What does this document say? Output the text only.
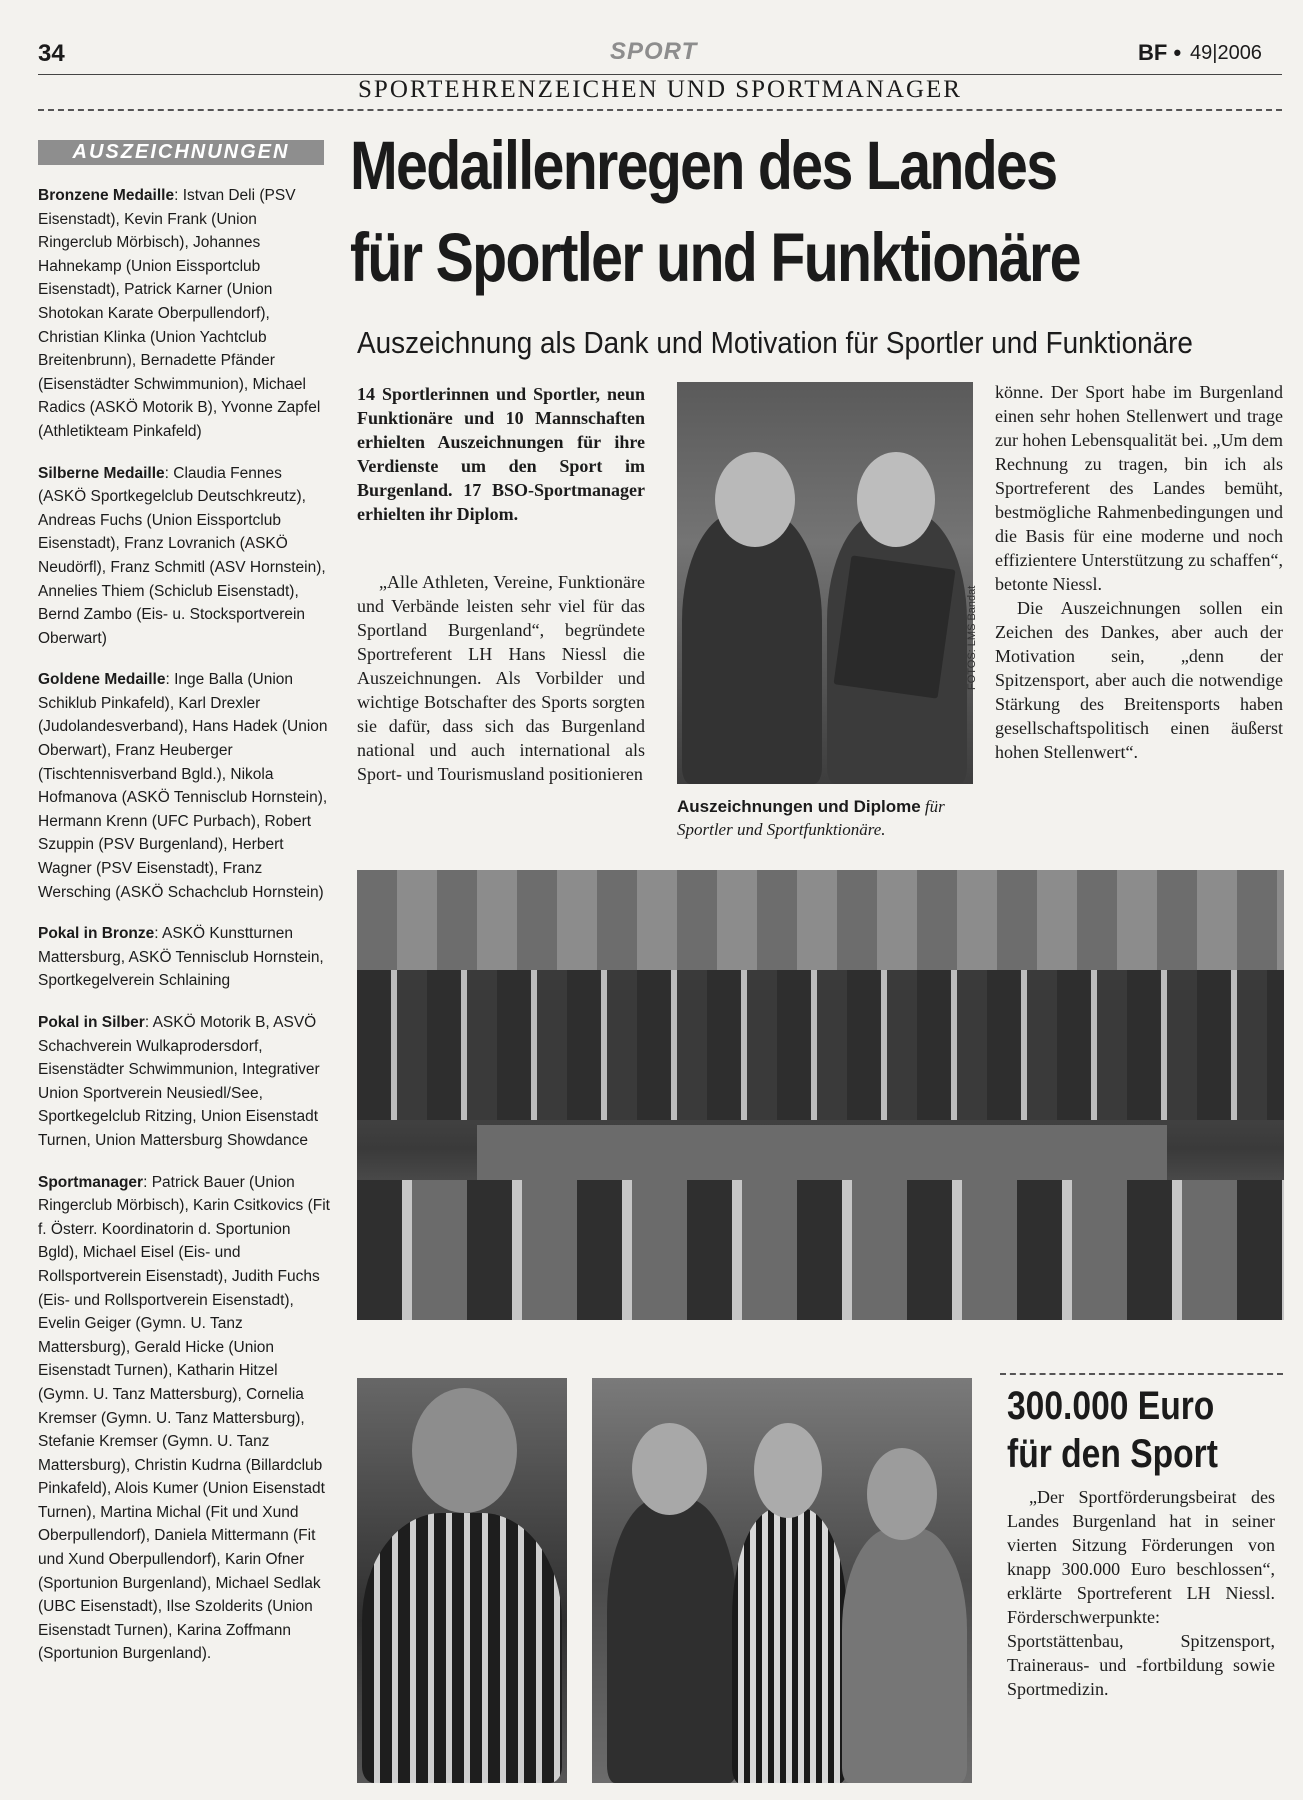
34	SPORT	BF • 49|2006
SPORTEHRENZEICHEN UND SPORTMANAGER
AUSZEICHNUNGEN

Bronzene Medaille: Istvan Deli (PSV Eisenstadt), Kevin Frank (Union Ringerclub Mörbisch), Johannes Hahnekamp (Union Eissportclub Eisenstadt), Patrick Karner (Union Shotokan Karate Oberpullendorf), Christian Klinka (Union Yachtclub Breitenbrunn), Bernadette Pfänder (Eisenstädter Schwimmunion), Michael Radics (ASKÖ Motorik B), Yvonne Zapfel (Athletikteam Pinkafeld)

Silberne Medaille: Claudia Fennes (ASKÖ Sportkegelclub Deutschkreutz), Andreas Fuchs (Union Eissportclub Eisenstadt), Franz Lovranich (ASKÖ Neudörfl), Franz Schmitl (ASV Hornstein), Annelies Thiem (Schiclub Eisenstadt), Bernd Zambo (Eis- u. Stocksportverein Oberwart)

Goldene Medaille: Inge Balla (Union Schiklub Pinkafeld), Karl Drexler (Judolandesverband), Hans Hadek (Union Oberwart), Franz Heuberger (Tischtennisverband Bgld.), Nikola Hofmanova (ASKÖ Tennisclub Hornstein), Hermann Krenn (UFC Purbach), Robert Szuppin (PSV Burgenland), Herbert Wagner (PSV Eisenstadt), Franz Wersching (ASKÖ Schachclub Hornstein)

Pokal in Bronze: ASKÖ Kunstturnen Mattersburg, ASKÖ Tennisclub Hornstein, Sportkegelverein Schlaining

Pokal in Silber: ASKÖ Motorik B, ASVÖ Schachverein Wulkaprodersdorf, Eisenstädter Schwimmunion, Integrativer Union Sportverein Neusiedl/See, Sportkegelclub Ritzing, Union Eisenstadt Turnen, Union Mattersburg Showdance

Sportmanager: Patrick Bauer (Union Ringerclub Mörbisch), Karin Csitkovics (Fit f. Österr. Koordinatorin d. Sportunion Bgld), Michael Eisel (Eis- und Rollsportverein Eisenstadt), Judith Fuchs (Eis- und Rollsportverein Eisenstadt), Evelin Geiger (Gymn. U. Tanz Mattersburg), Gerald Hicke (Union Eisenstadt Turnen), Katharin Hitzel (Gymn. U. Tanz Mattersburg), Cornelia Kremser (Gymn. U. Tanz Mattersburg), Stefanie Kremser (Gymn. U. Tanz Mattersburg), Christin Kudrna (Billardclub Pinkafeld), Alois Kumer (Union Eisenstadt Turnen), Martina Michal (Fit und Xund Oberpullendorf), Daniela Mittermann (Fit und Xund Oberpullendorf), Karin Ofner (Sportunion Burgenland), Michael Sedlak (UBC Eisenstadt), Ilse Szolderits (Union Eisenstadt Turnen), Karina Zoffmann (Sportunion Burgenland).

Medaillenregen des Landes
für Sportler und Funktionäre
Auszeichnung als Dank und Motivation für Sportler und Funktionäre
14 Sportlerinnen und Sportler, neun Funktionäre und 10 Mannschaften erhielten Auszeichnungen für ihre Verdienste um den Sport im Burgenland. 17 BSO-Sportmanager erhielten ihr Diplom.

„Alle Athleten, Vereine, Funktionäre und Verbände leisten sehr viel für das Sportland Burgenland“, begründete Sportreferent LH Hans Niessl die Auszeichnungen. Als Vorbilder und wichtige Botschafter des Sports sorgten sie dafür, dass sich das Burgenland national und auch international als Sport- und Tourismusland positionieren

könne. Der Sport habe im Burgenland einen sehr hohen Stellenwert und trage zur hohen Lebensqualität bei. „Um dem Rechnung zu tragen, bin ich als Sportreferent des Landes bemüht, bestmögliche Rahmenbedingungen und die Basis für eine moderne und noch effizientere Unterstützung zu schaffen“, betonte Niessl.

Die Auszeichnungen sollen ein Zeichen des Dankes, aber auch der Motivation sein, „denn der Spitzensport, aber auch die notwendige Stärkung des Breitensports haben gesellschaftspolitisch einen äußerst hohen Stellenwert“.

FOTOS: LMS Bandat
Auszeichnungen und Diplome für Sportler und Sportfunktionäre.
300.000 Euro
für den Sport

„Der Sportförderungsbeirat des Landes Burgenland hat in seiner vierten Sitzung Förderungen von knapp 300.000 Euro beschlossen“, erklärte Sportreferent LH Niessl. Förderschwerpunkte: Sportstättenbau, Spitzensport, Traineraus- und -fortbildung sowie Sportmedizin.
